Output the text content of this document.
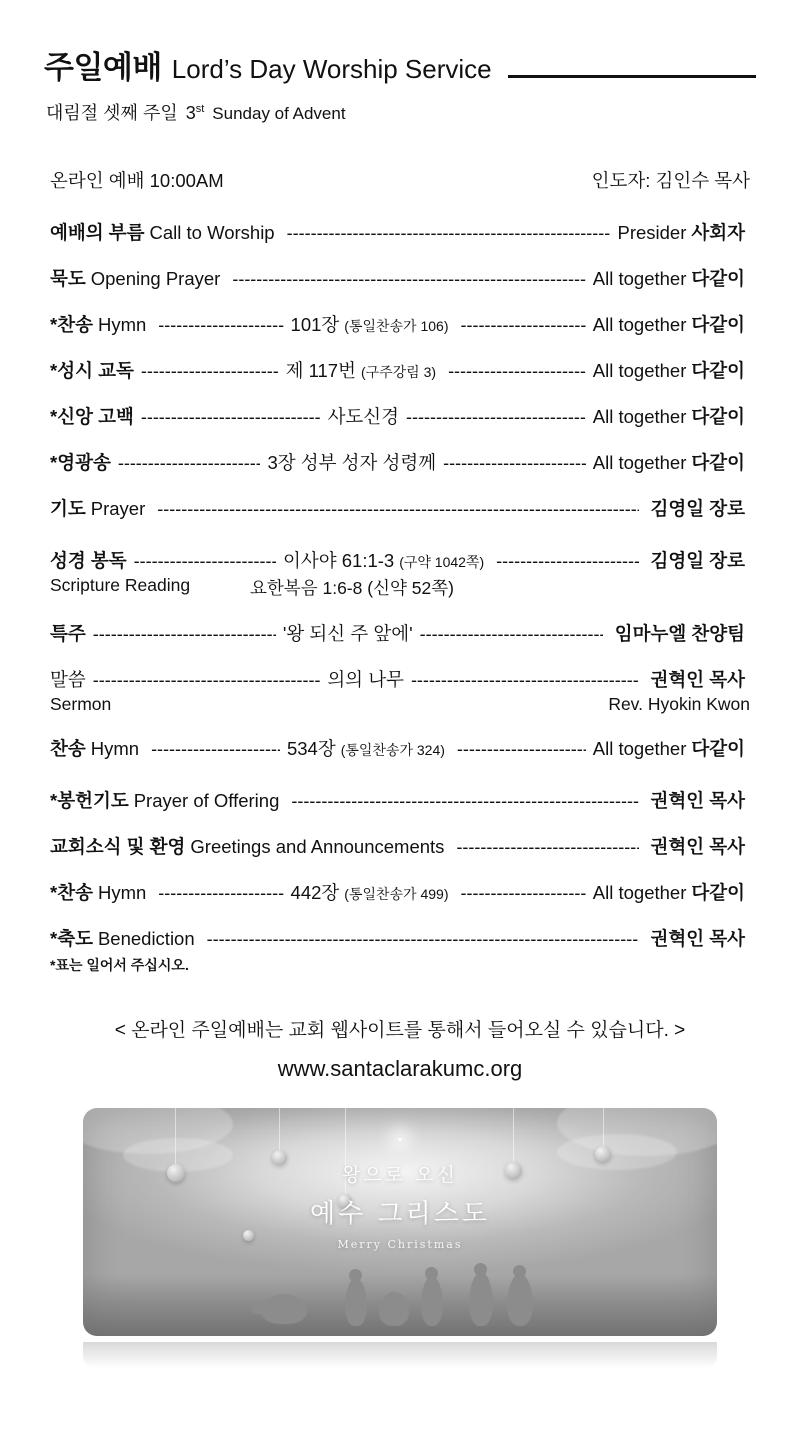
주일예배 Lord’s Day Worship Service
대림절 셋째 주일 3st Sunday of Advent
온라인 예배 10:00AM	인도자: 김인수 목사
예배의 부름 Call to Worship -----	Presider 사회자
묵도 Opening Prayer -----	All together 다같이
*찬송 Hymn -----	101장 (통일찬송가 106) -----	All together 다같이
*성시 교독 -----	제 117번 (구주강림 3) -----	All together 다같이
*신앙 고백 -----	사도신경 -----	All together 다같이
*영광송 -----	3장 성부 성자 성령께 -----	All together 다같이
기도 Prayer -----	김영일 장로
성경 봉독 -----	이사야 61:1-3 (구약 1042쪽) -----	김영일 장로
Scripture Reading	요한복음 1:6-8 (신약 52쪽)
특주 -----	'왕 되신 주 앞에' -----	임마누엘 찬양팀
말씀 -----	의의 나무 -----	권혁인 목사
Sermon	Rev. Hyokin Kwon
찬송 Hymn -----	534장 (통일찬송가 324) -----	All together 다같이
*봉헌기도 Prayer of Offering -----	권혁인 목사
교회소식 및 환영 Greetings and Announcements -----	권혁인 목사
*찬송 Hymn -----	442장 (통일찬송가 499) -----	All together 다같이
*축도 Benediction -----	권혁인 목사
*표는 일어서 주십시오.
< 온라인 주일예배는 교회 웹사이트를 통해서 들어오실 수 있습니다. >
www.santaclarakumc.org
왕으로 오신
예수 그리스도
Merry Christmas
